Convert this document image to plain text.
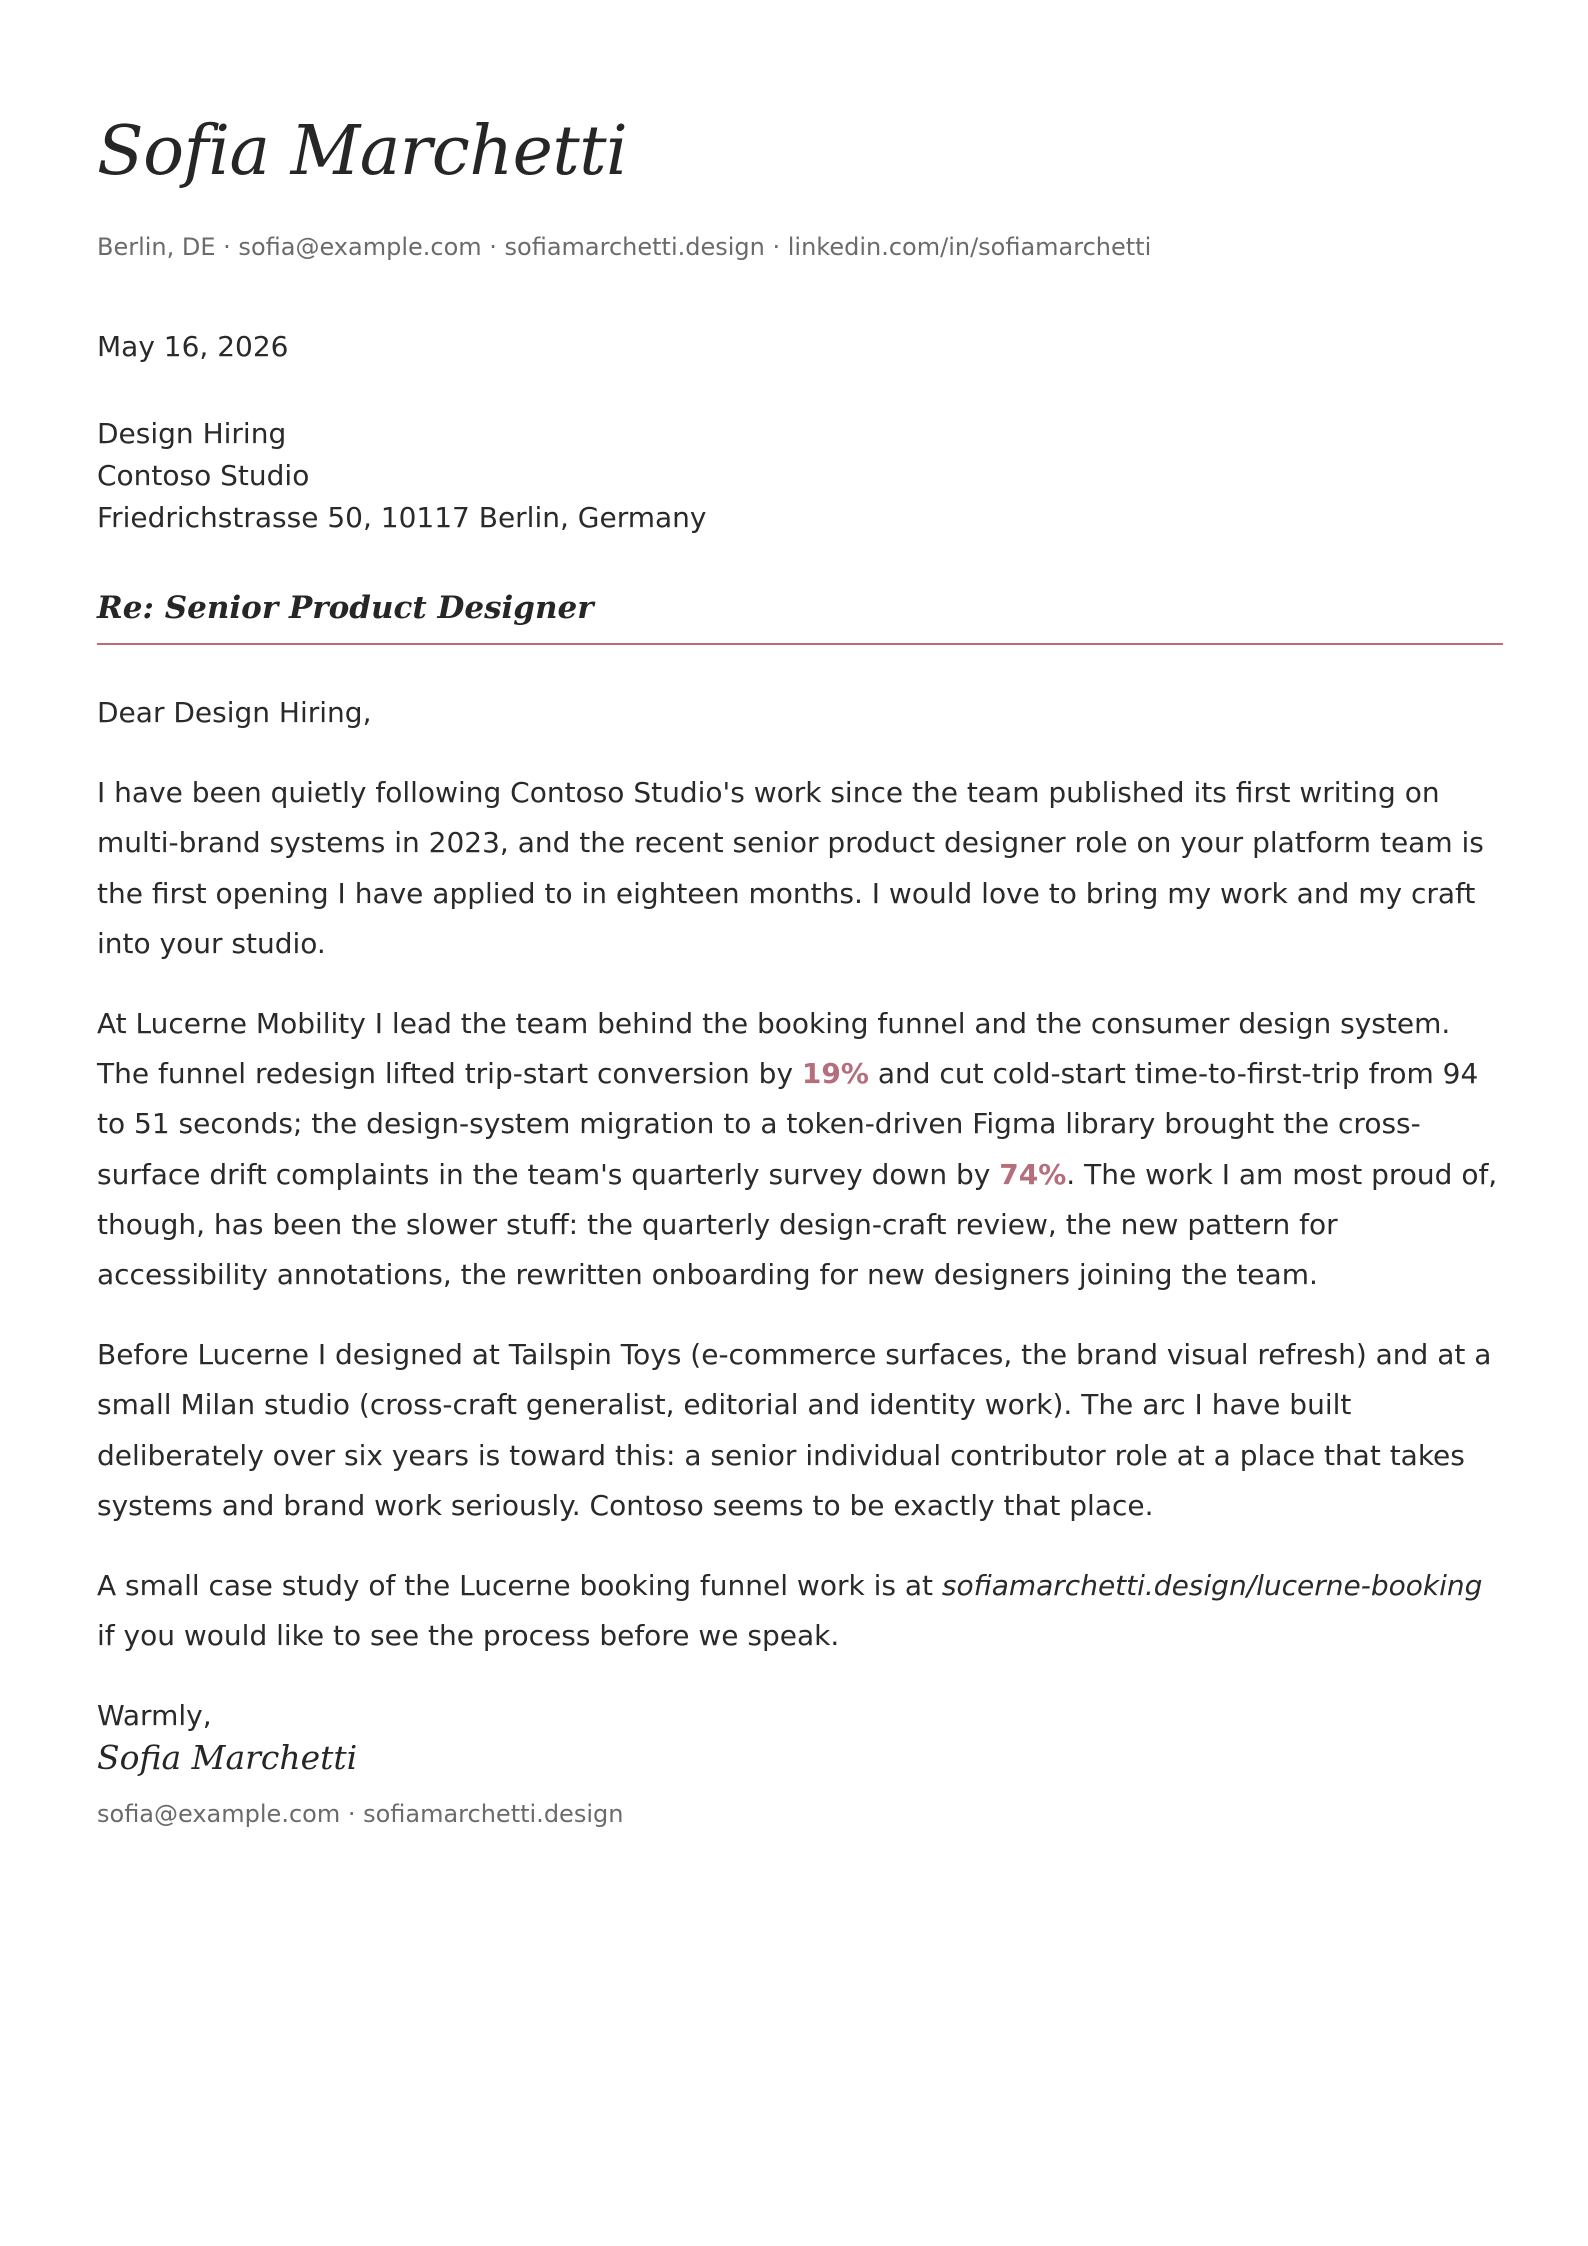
Sofia Marchetti
Berlin, DE · sofia@example.com · sofiamarchetti.design · linkedin.com/in/sofiamarchetti
May 16, 2026
Design Hiring
Contoso Studio
Friedrichstrasse 50, 10117 Berlin, Germany
Re: Senior Product Designer

Dear Design Hiring,

I have been quietly following Contoso Studio's work since the team published its first writing on multi-brand systems in 2023, and the recent senior product designer role on your platform team is the first opening I have applied to in eighteen months. I would love to bring my work and my craft into your studio.

At Lucerne Mobility I lead the team behind the booking funnel and the consumer design system. The funnel redesign lifted trip-start conversion by 19% and cut cold-start time-to-first-trip from 94 to 51 seconds; the design-system migration to a token-driven Figma library brought the cross-surface drift complaints in the team's quarterly survey down by 74%. The work I am most proud of, though, has been the slower stuff: the quarterly design-craft review, the new pattern for accessibility annotations, the rewritten onboarding for new designers joining the team.

Before Lucerne I designed at Tailspin Toys (e-commerce surfaces, the brand visual refresh) and at a small Milan studio (cross-craft generalist, editorial and identity work). The arc I have built deliberately over six years is toward this: a senior individual contributor role at a place that takes systems and brand work seriously. Contoso seems to be exactly that place.

A small case study of the Lucerne booking funnel work is at sofiamarchetti.design/lucerne-booking if you would like to see the process before we speak.

Warmly,

Sofia Marchetti
sofia@example.com · sofiamarchetti.design
